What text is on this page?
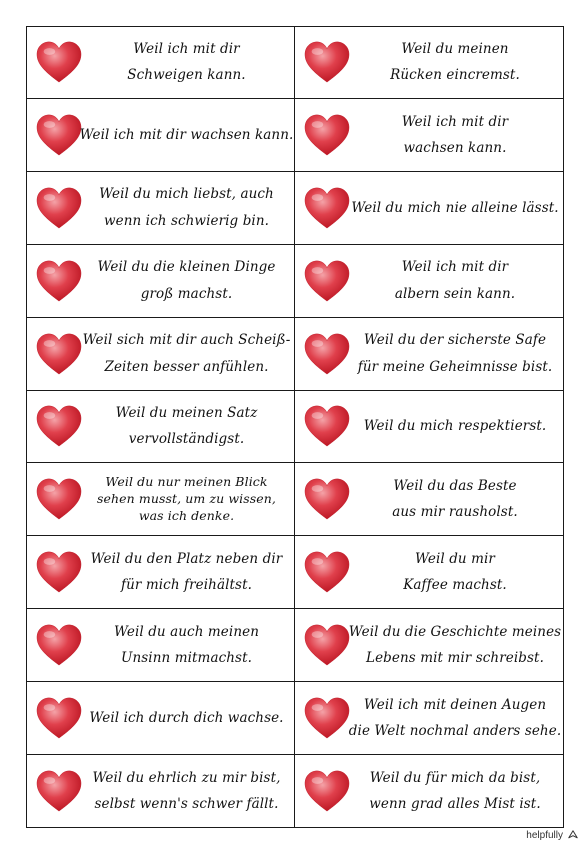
Weil ich mit dir
Schweigen kann.
Weil du meinen
Rücken eincremst.
Weil ich mit dir wachsen kann.
Weil ich mit dir
wachsen kann.
Weil du mich liebst, auch
wenn ich schwierig bin.
Weil du mich nie alleine lässt.
Weil du die kleinen Dinge
groß machst.
Weil ich mit dir
albern sein kann.
Weil sich mit dir auch Scheiß-
Zeiten besser anfühlen.
Weil du der sicherste Safe
für meine Geheimnisse bist.
Weil du meinen Satz
vervollständigst.
Weil du mich respektierst.
Weil du nur meinen Blick
sehen musst, um zu wissen,
was ich denke.
Weil du das Beste
aus mir rausholst.
Weil du den Platz neben dir
für mich freihältst.
Weil du mir
Kaffee machst.
Weil du auch meinen
Unsinn mitmachst.
Weil du die Geschichte meines
Lebens mit mir schreibst.
Weil ich durch dich wachse.
Weil ich mit deinen Augen
die Welt nochmal anders sehe.
Weil du ehrlich zu mir bist,
selbst wenn's schwer fällt.
Weil du für mich da bist,
wenn grad alles Mist ist.
helpfully
